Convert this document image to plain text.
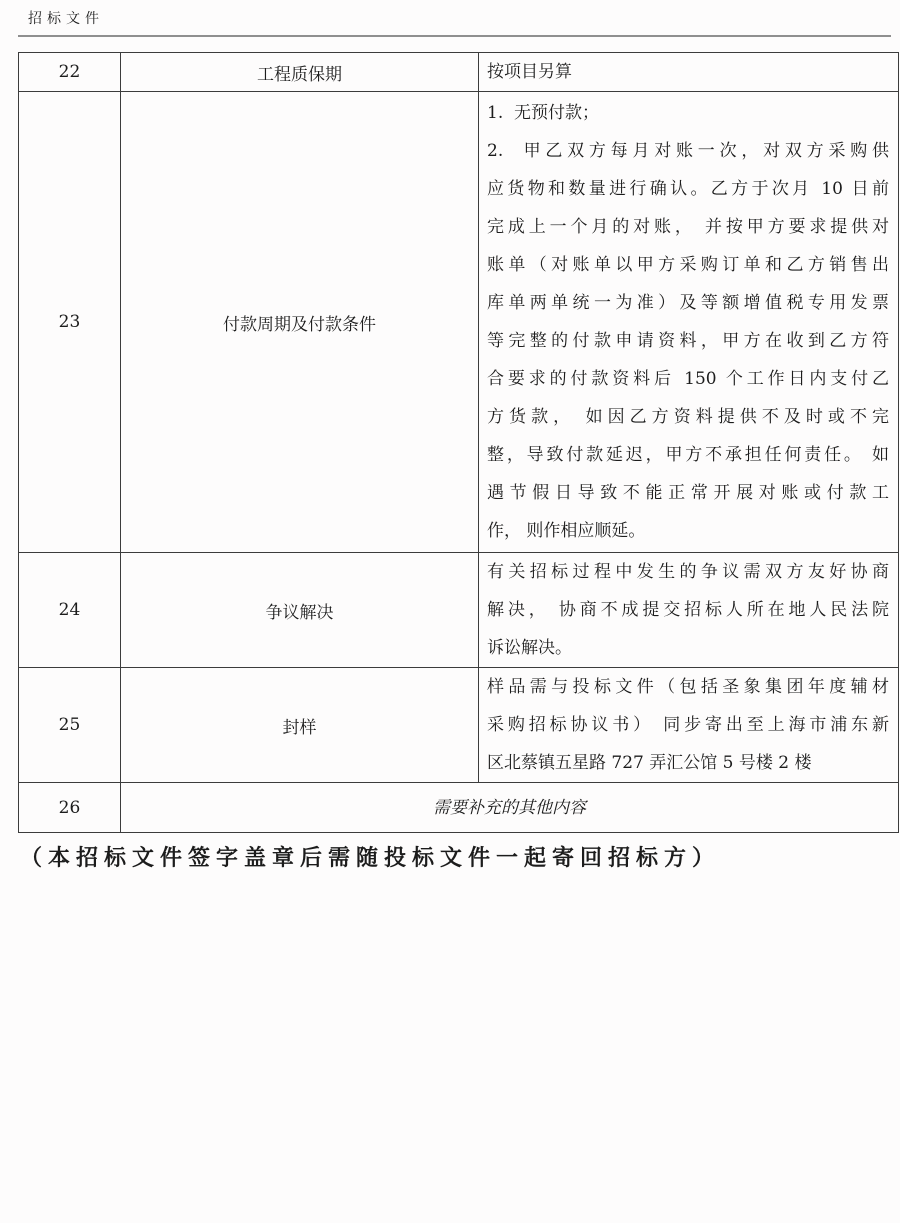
招标文件
22	工程质保期	按项目另算

23	付款周期及付款条件	
1.  无预付款；
2.  甲乙双方每月对账一次，对双方采购供
应货物和数量进行确认。乙方于次月 10 日前
完成上一个月的对账， 并按甲方要求提供对
账单（对账单以甲方采购订单和乙方销售出
库单两单统一为准）及等额增值税专用发票
等完整的付款申请资料，甲方在收到乙方符
合要求的付款资料后 150 个工作日内支付乙
方货款， 如因乙方资料提供不及时或不完
整，导致付款延迟，甲方不承担任何责任。 如
遇节假日导致不能正常开展对账或付款工
作， 则作相应顺延。

24	争议解决	有关招标过程中发生的争议需双方友好协商
解决， 协商不成提交招标人所在地人民法院
诉讼解决。

25	封样	样品需与投标文件（包括圣象集团年度辅材
采购招标协议书） 同步寄出至上海市浦东新
区北蔡镇五星路 727 弄汇公馆 5 号楼 2 楼

26	需要补充的其他内容	
（本招标文件签字盖章后需随投标文件一起寄回招标方）
